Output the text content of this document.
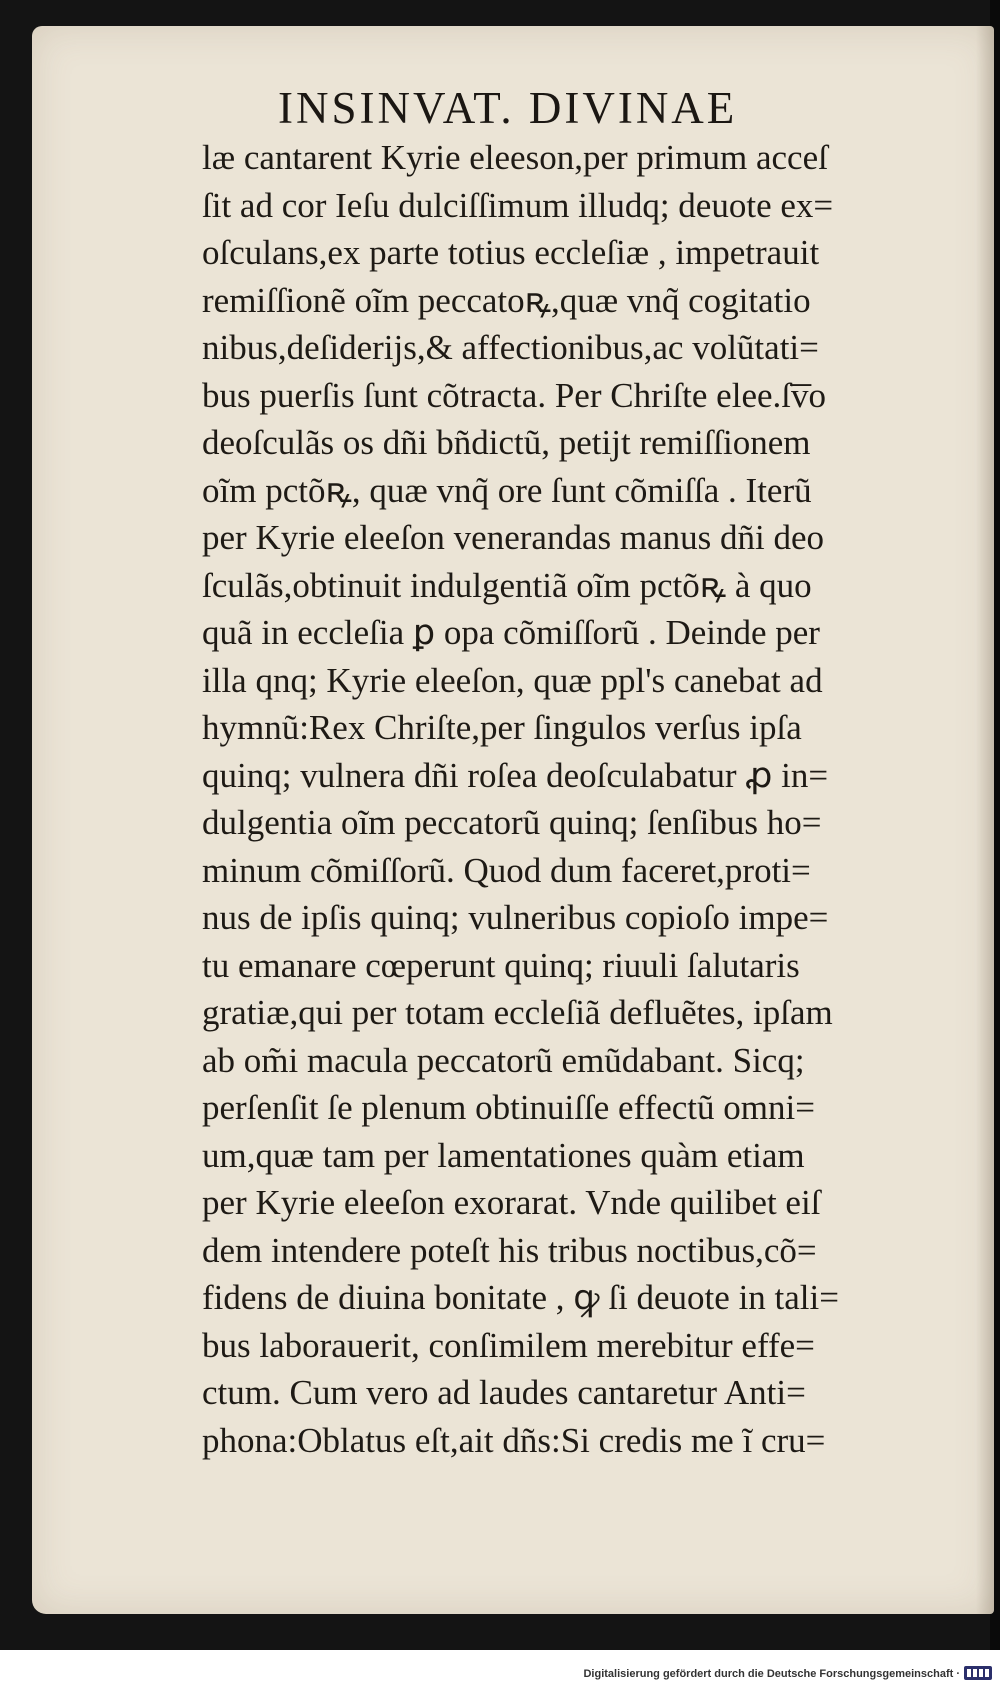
INSINVAT. DIVINAE
læ cantarent Kyrie eleeson,per primum acceſ
ſit ad cor Ieſu dulciſſimum illudq; deuote ex=
oſculans,ex parte totius eccleſiæ , impetrauit
remiſſionẽ oĩm peccatoꝶ,quæ vnq̃ cogitatio
nibus,deſiderijs,& affectionibus,ac volũtati=
bus puerſis ſunt cõtracta. Per Chriſte elee.ſ͞vo
deoſculãs os dñi bñdictũ, petijt remiſſionem
oĩm pctõꝶ, quæ vnq̃ ore ſunt cõmiſſa . Iterũ
per Kyrie eleeſon venerandas manus dñi deo
ſculãs,obtinuit indulgentiã oĩm pctõꝶ à quo
quã in eccleſia ꝑ opa cõmiſſorũ . Deinde per
illa qnq; Kyrie eleeſon, quæ ppl's canebat ad
hymnũ:Rex Chriſte,per ſingulos verſus ipſa
quinq; vulnera dñi roſea deoſculabatur ꝓ in=
dulgentia oĩm peccatorũ quinq; ſenſibus ho=
minum cõmiſſorũ. Quod dum faceret,proti=
nus de ipſis quinq; vulneribus copioſo impe=
tu emanare cœperunt quinq; riuuli ſalutaris
gratiæ,qui per totam eccleſiã defluẽtes, ipſam
ab om̃i macula peccatorũ emũdabant. Sicq;
perſenſit ſe plenum obtinuiſſe effectũ omni=
um,quæ tam per lamentationes quàm etiam
per Kyrie eleeſon exorarat. Vnde quilibet eiſ
dem intendere poteſt his tribus noctibus,cõ=
fidens de diuina bonitate , ꝙ ſi deuote in tali=
bus laborauerit, conſimilem merebitur effe=
ctum. Cum vero ad laudes cantaretur Anti=
phona:Oblatus eſt,ait dñs:Si credis me ĩ cru=
Digitalisierung gefördert durch die Deutsche Forschungsgemeinschaft ·
